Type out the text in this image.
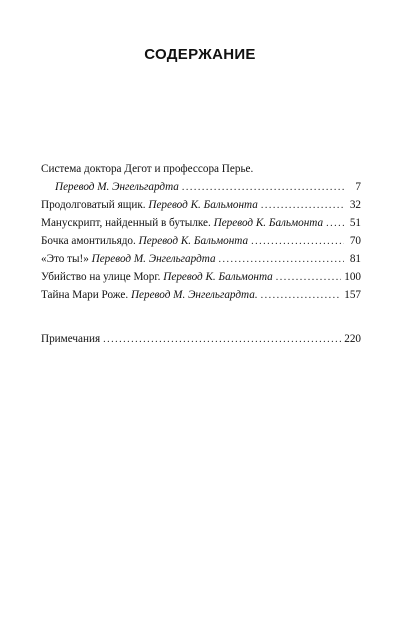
СОДЕРЖАНИЕ
Система доктора Дегот и профессора Перье.
Перевод М. Энгельгардта . . .	7
Продолговатый ящик.
Перевод К. Бальмонта . . .	32
Манускрипт, найденный в бутылке.
Перевод К. Бальмонта . . . 51
Бочка амонтильядо.
Перевод К. Бальмонта . . .	70
«Это ты!»
Перевод М. Энгельгардта . . .	81
Убийство на улице Морг.
Перевод К. Бальмонта . . .	100
Тайна Мари Роже.
Перевод М. Энгельгардта. . . .	157
Примечания . . .	220
